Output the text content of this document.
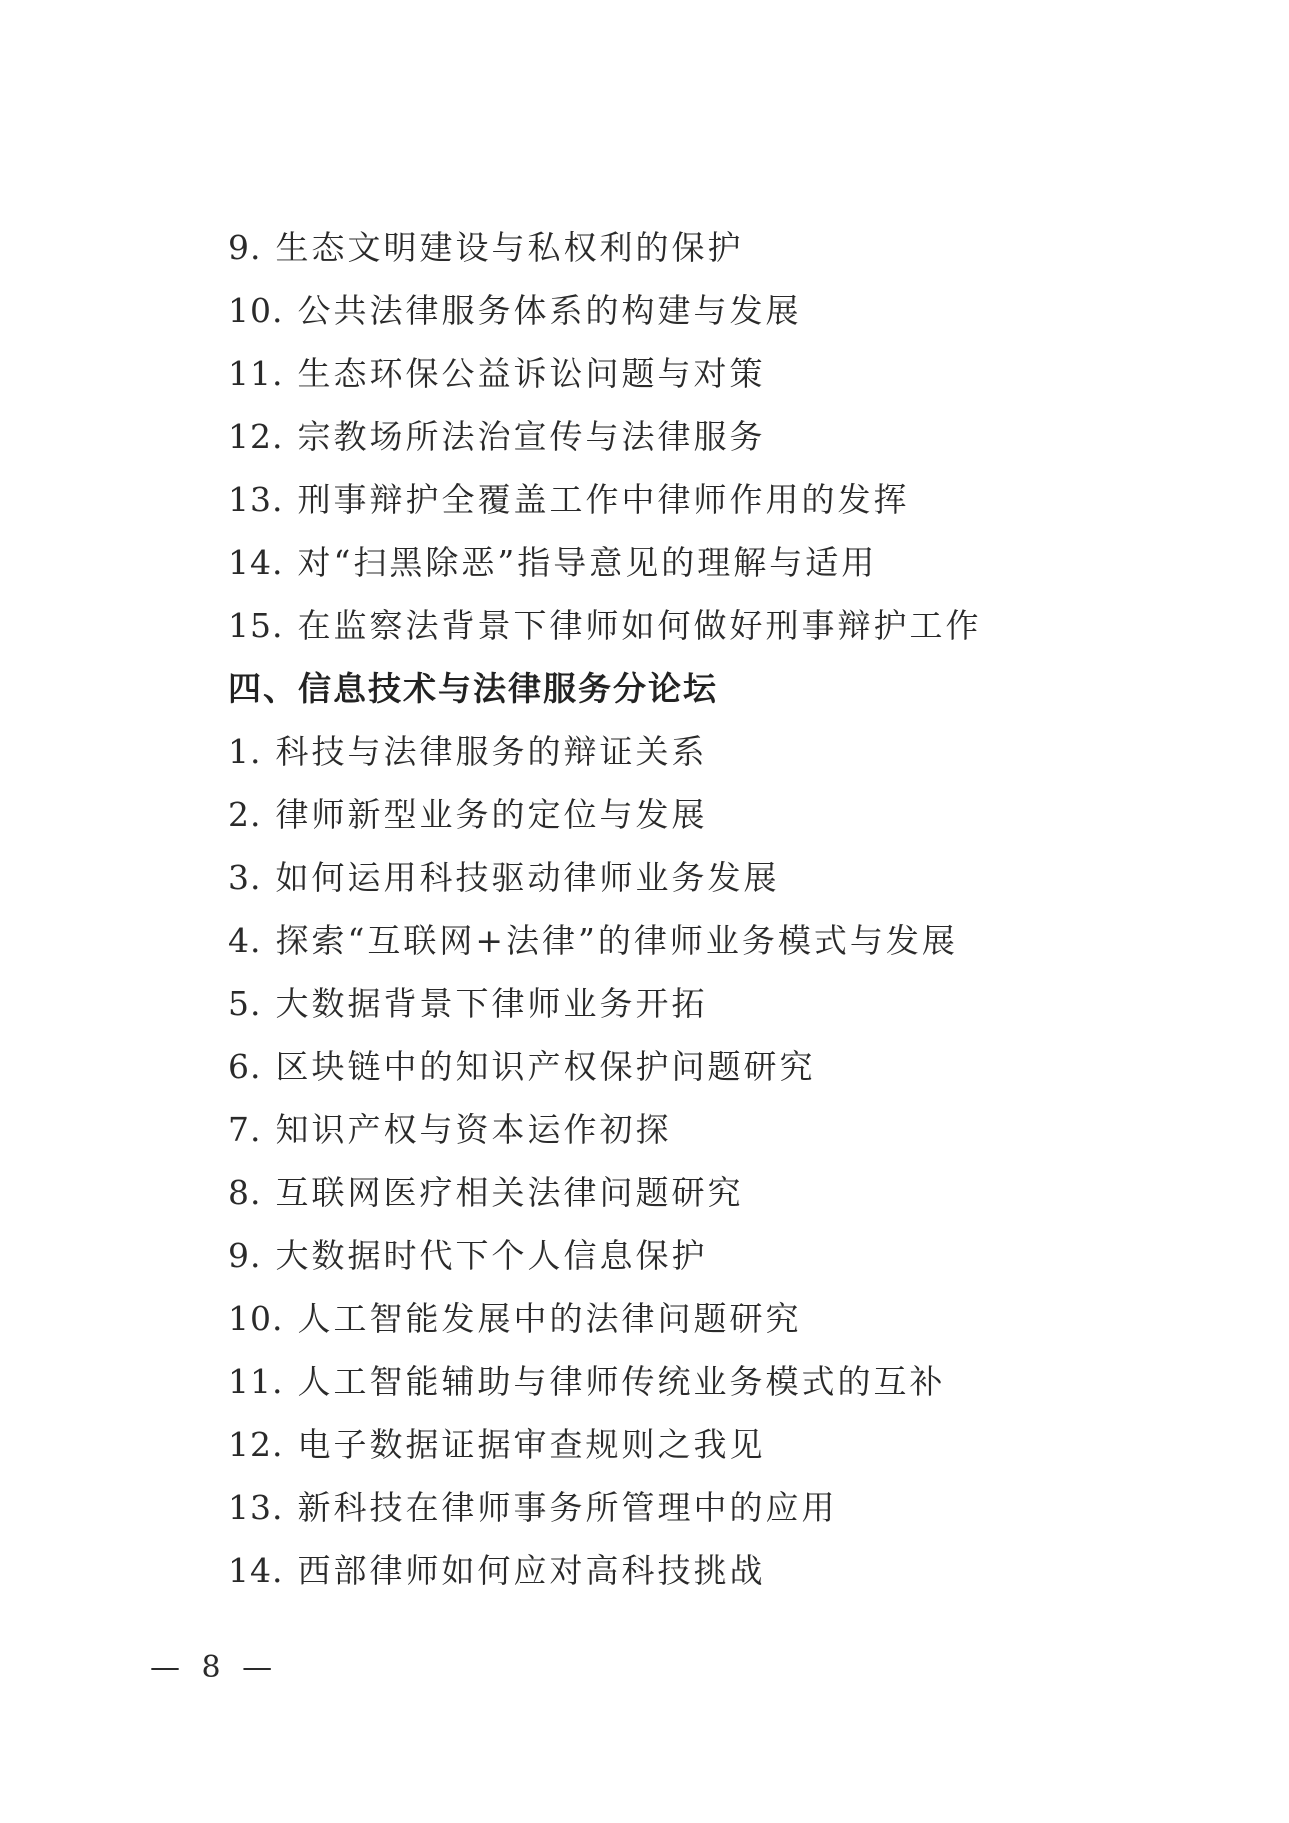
9. 生态文明建设与私权利的保护
10. 公共法律服务体系的构建与发展
11. 生态环保公益诉讼问题与对策
12. 宗教场所法治宣传与法律服务
13. 刑事辩护全覆盖工作中律师作用的发挥
14. 对“扫黑除恶”指导意见的理解与适用
15. 在监察法背景下律师如何做好刑事辩护工作
四、信息技术与法律服务分论坛
1. 科技与法律服务的辩证关系
2. 律师新型业务的定位与发展
3. 如何运用科技驱动律师业务发展
4. 探索“互联网+法律”的律师业务模式与发展
5. 大数据背景下律师业务开拓
6. 区块链中的知识产权保护问题研究
7. 知识产权与资本运作初探
8. 互联网医疗相关法律问题研究
9. 大数据时代下个人信息保护
10. 人工智能发展中的法律问题研究
11. 人工智能辅助与律师传统业务模式的互补
12. 电子数据证据审查规则之我见
13. 新科技在律师事务所管理中的应用
14. 西部律师如何应对高科技挑战
— 8 —
